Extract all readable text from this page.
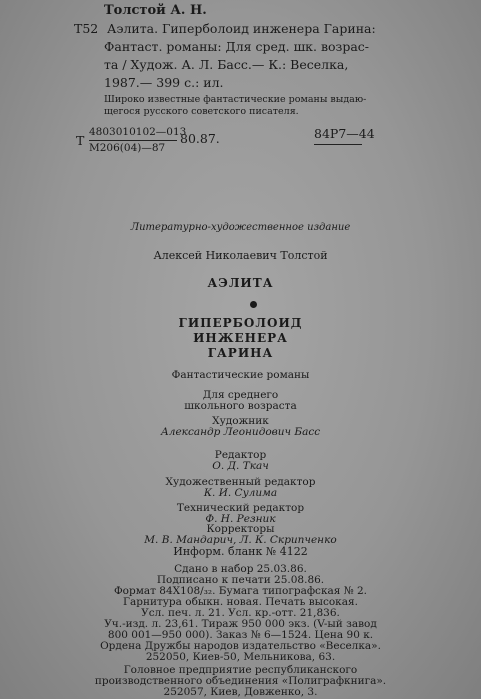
Толстой А. Н.
Т52 Аэлита. Гиперболоид инженера Гарина:
Фантаст. романы: Для сред. шк. возрас-
та / Худож. А. Л. Басс.— К.: Веселка,
1987.— 399 с.: ил.
Широко известные фантастические романы выдаю-
щегося русского советского писателя.
Т
4803010102—013
М206(04)—87
80.87.	84Р7—44
Литературно-художественное издание
Алексей Николаевич Толстой
АЭЛИТА
ГИПЕРБОЛОИД
ИНЖЕНЕРА
ГАРИНА
Фантастические романы
Для среднего
школьного возраста
Художник
Александр Леонидович Басс
Редактор
О. Д. Ткач
Художественный редактор
К. И. Сулима
Технический редактор
Ф. Н. Резник
Корректоры
М. В. Мандарич, Л. К. Скрипченко
Информ. бланк № 4122
Сдано в набор 25.03.86.
Подписано к печати 25.08.86.
Формат 84Х108/₃₂. Бумага типографская № 2.
Гарнитура обыкн. новая. Печать высокая.
Усл. печ. л. 21. Усл. кр.-отт. 21,836.
Уч.-изд. л. 23,61. Тираж 950 000 экз. (V-ый завод
800 001—950 000). Заказ № 6—1524. Цена 90 к.
Ордена Дружбы народов издательство «Веселка».
252050, Киев-50, Мельникова, 63.
Головное предприятие республиканского
производственного объединения «Полиграфкнига».
252057, Киев, Довженко, 3.
